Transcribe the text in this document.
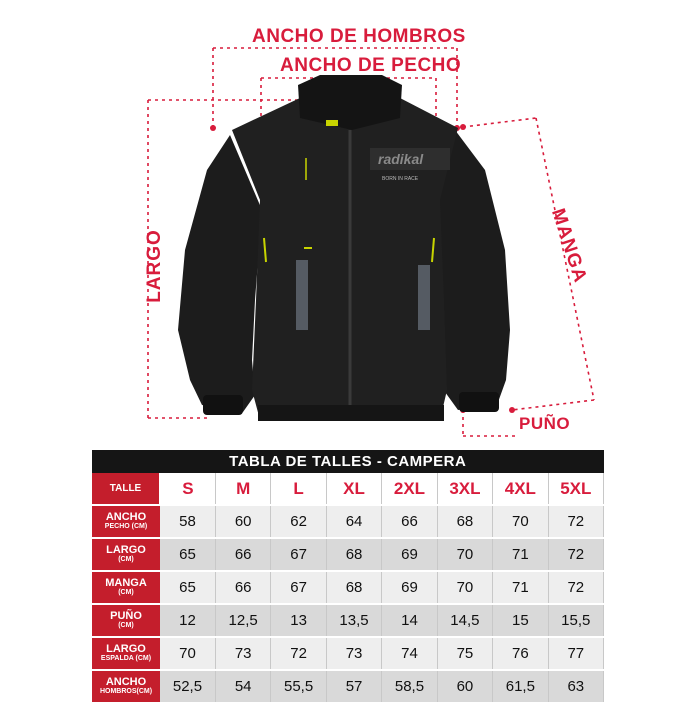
radikal
BORN IN RACE
ANCHO DE HOMBROS
ANCHO DE PECHO
LARGO	MANGA
PUÑO
TABLA DE TALLES - CAMPERA								
TALLE	S	M	L	XL	2XL	3XL	4XL	5XL

ANCHO
PECHO (CM)	58	60	62	64	66	68	70	72

LARGO
(CM)	65	66	67	68	69	70	71	72

MANGA
(CM)	65	66	67	68	69	70	71	72

PUÑO
(CM)	12	12,5	13	13,5	14	14,5	15	15,5

LARGO
ESPALDA (CM)	70	73	72	73	74	75	76	77

ANCHO
HOMBROS(CM)	52,5	54	55,5	57	58,5	60	61,5	63
